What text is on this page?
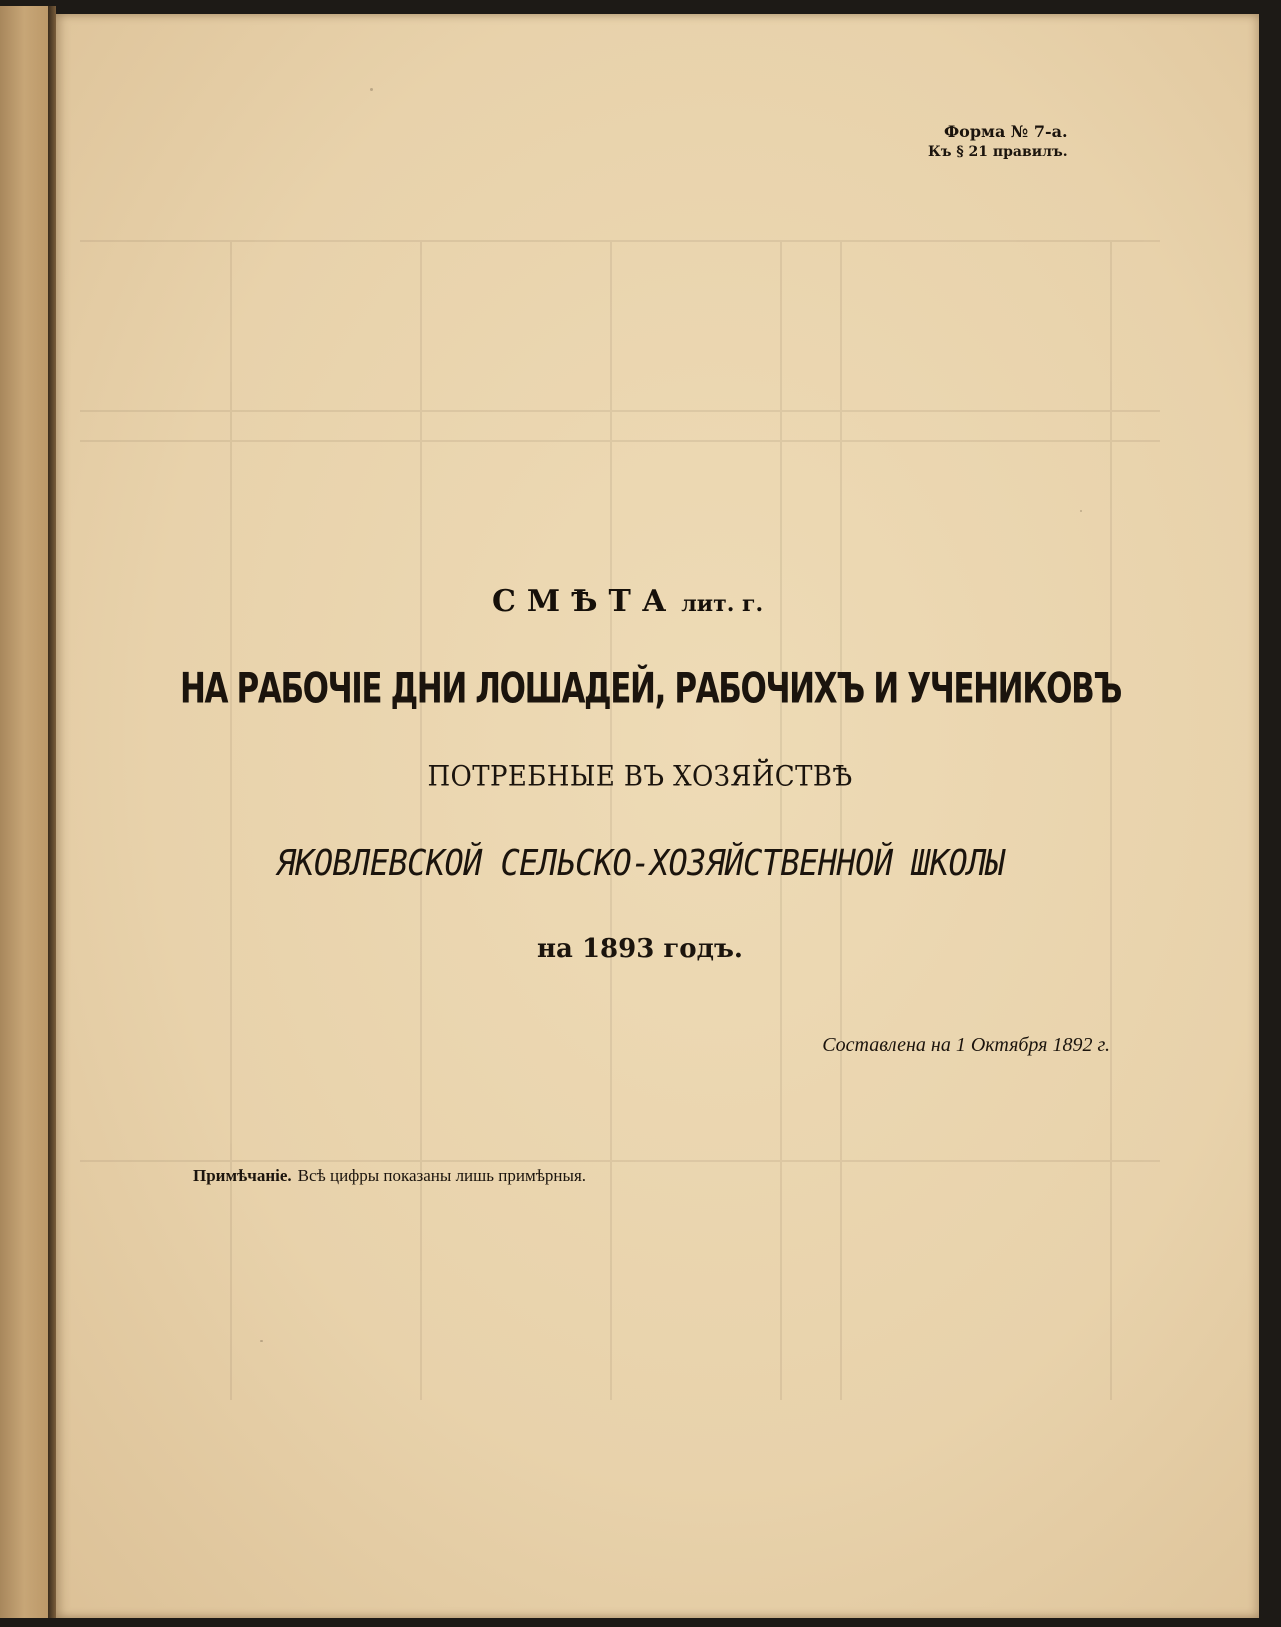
Форма № 7-а.
Къ § 21 правилъ.
СМѢТА лит. г.
НА РАБОЧІЕ ДНИ ЛОШАДЕЙ, РАБОЧИХЪ И УЧЕНИКОВЪ
ПОТРЕБНЫЕ ВЪ ХОЗЯЙСТВѢ
ЯКОВЛЕВСКОЙ СЕЛЬСКО-ХОЗЯЙСТВЕННОЙ ШКОЛЫ
на 1893 годъ.
Составлена на 1 Октября 1892 г.
Примѣчаніе. Всѣ цифры показаны лишь примѣрныя.
